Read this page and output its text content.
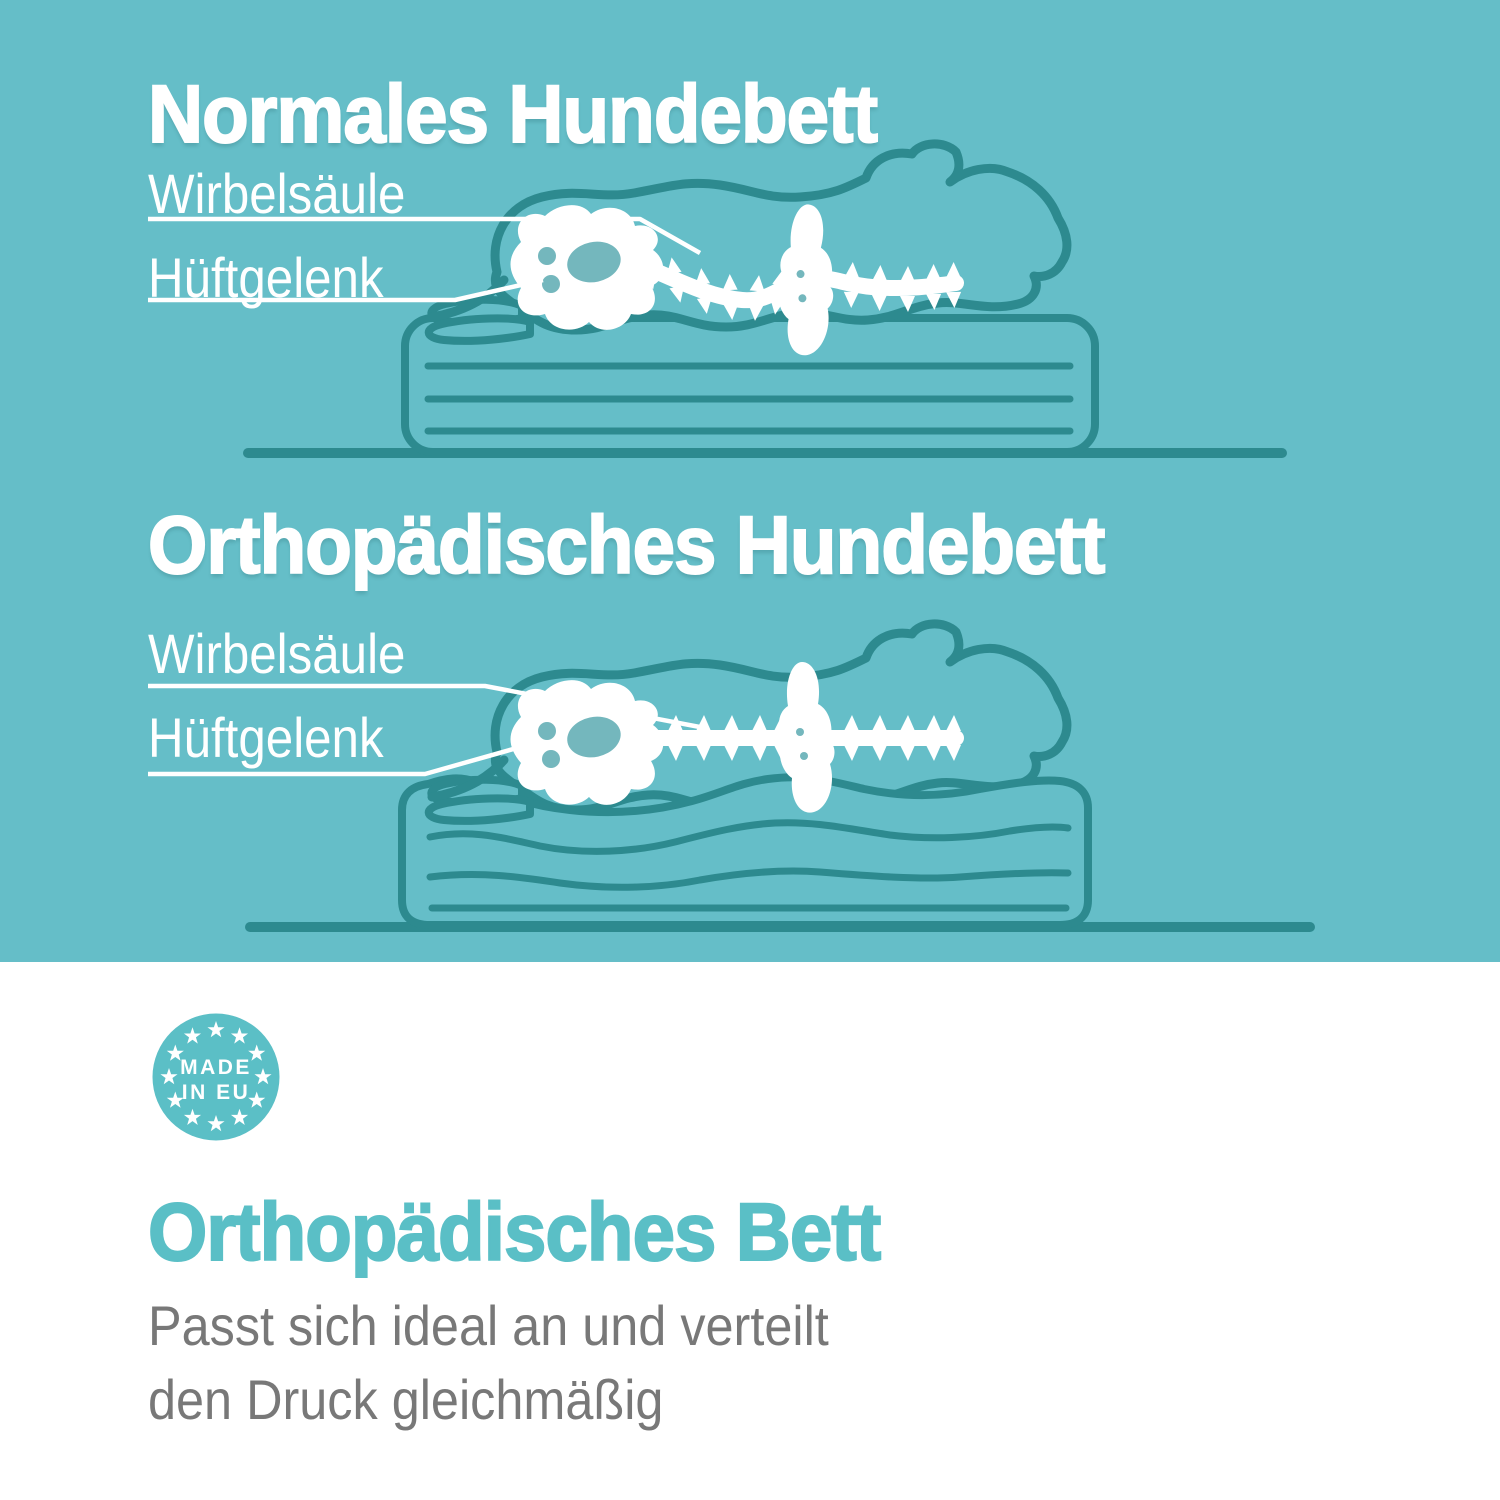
Normales Hundebett
Wirbelsäule
Hüftgelenk
Orthopädisches Hundebett
Wirbelsäule
Hüftgelenk
MADE
IN EU
Orthopädisches Bett
Passt sich ideal an und verteilt
den Druck gleichmäßig
